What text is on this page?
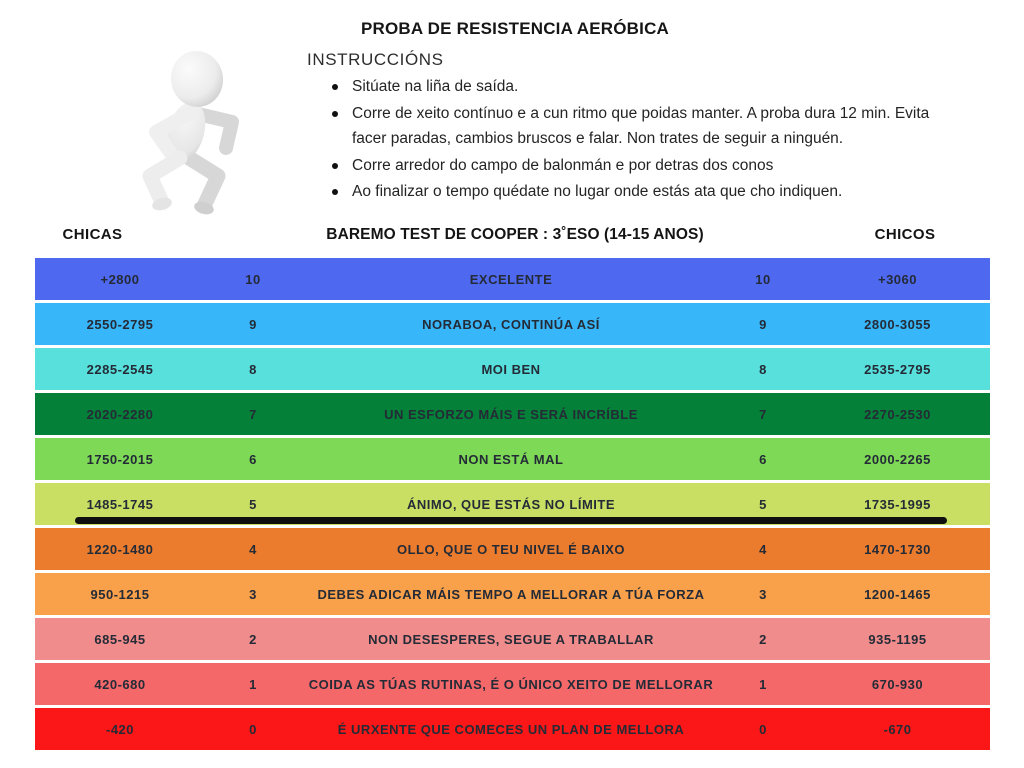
PROBA DE RESISTENCIA AERÓBICA
INSTRUCCIÓNS
Sitúate na liña de saída.
Corre de xeito contínuo e a cun ritmo que poidas manter. A proba dura 12 min. Evita facer paradas, cambios bruscos e falar. Non trates de seguir a ninguén.
Corre arredor do campo de balonmán e por detras dos conos
Ao finalizar o tempo quédate no lugar onde estás ata que cho indiquen.
CHICAS	BAREMO TEST DE COOPER : 3˚ESO (14-15 ANOS)	CHICOS
+2800	10	EXCELENTE	10	+3060
2550-2795	9	NORABOA, CONTINÚA ASÍ	9	2800-3055
2285-2545	8	MOI BEN	8	2535-2795
2020-2280	7	UN ESFORZO MÁIS E SERÁ INCRÍBLE	7	2270-2530
1750-2015	6	NON ESTÁ MAL	6	2000-2265
1485-1745	5	ÁNIMO, QUE ESTÁS NO LÍMITE	5	1735-1995
1220-1480	4	OLLO, QUE O TEU NIVEL É BAIXO	4	1470-1730
950-1215	3	DEBES ADICAR MÁIS TEMPO A MELLORAR A TÚA FORZA	3	1200-1465
685-945	2	NON DESESPERES, SEGUE A TRABALLAR	2	935-1195
420-680	1	COIDA AS TÚAS RUTINAS, É O ÚNICO XEITO DE MELLORAR	1	670-930
-420	0	É URXENTE QUE COMECES UN PLAN DE MELLORA	0	-670
